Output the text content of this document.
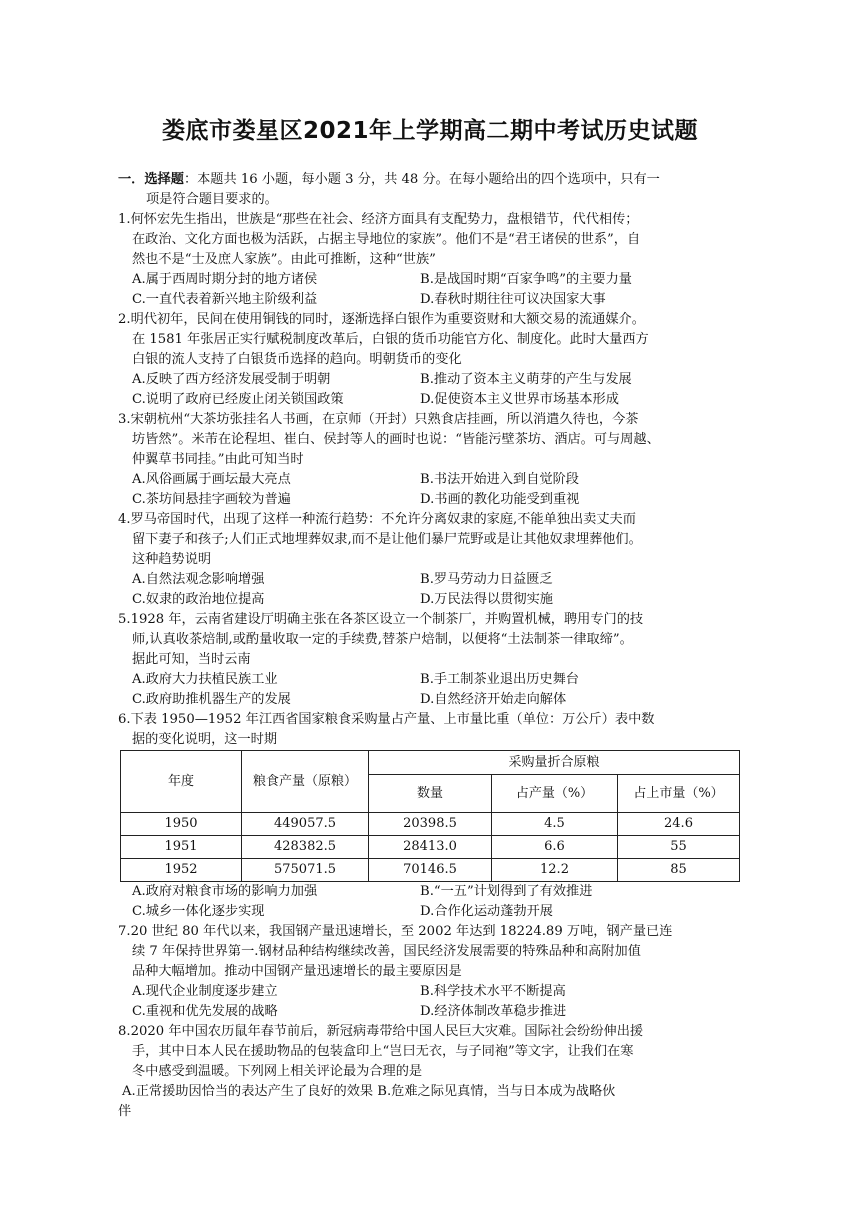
娄底市娄星区2021年上学期高二期中考试历史试题

一．选择题：本题共 16 小题，每小题 3 分，共 48 分。在每小题给出的四个选项中，只有一

项是符合题目要求的。

1.何怀宏先生指出，世族是“那些在社会、经济方面具有支配势力，盘根错节，代代相传；

在政治、文化方面也极为活跃，占据主导地位的家族”。他们不是“君王诸侯的世系”，自

然也不是“士及庶人家族”。由此可推断，这种“世族”

A.属于西周时期分封的地方诸侯	B.是战国时期“百家争鸣”的主要力量
C.一直代表着新兴地主阶级利益	D.春秋时期往往可议决国家大事

2.明代初年，民间在使用铜钱的同时，逐渐选择白银作为重要资财和大额交易的流通媒介。

在 1581 年张居正实行赋税制度改革后，白银的货币功能官方化、制度化。此时大量西方

白银的流人支持了白银货币选择的趋向。明朝货币的变化

A.反映了西方经济发展受制于明朝	B.推动了资本主义萌芽的产生与发展
C.说明了政府已经废止闭关锁国政策	D.促使资本主义世界市场基本形成

3.宋朝杭州“大茶坊张挂名人书画，在京师（开封）只熟食店挂画，所以消遣久待也，今茶

坊皆然”。米芾在论程坦、崔白、侯封等人的画时也说：“皆能污壁茶坊、酒店。可与周越、

仲翼草书同挂。”由此可知当时

A.风俗画属于画坛最大亮点	B.书法开始进入到自觉阶段
C.茶坊间悬挂字画较为普遍	D.书画的教化功能受到重视

4.罗马帝国时代，出现了这样一种流行趋势：不允许分离奴隶的家庭,不能单独出卖丈夫而

留下妻子和孩子;人们正式地埋葬奴隶,而不是让他们暴尸荒野或是让其他奴隶埋葬他们。

这种趋势说明

A.自然法观念影响增强	B.罗马劳动力日益匮乏
C.奴隶的政治地位提高	D.万民法得以贯彻实施

5.1928 年，云南省建设厅明确主张在各茶区设立一个制茶厂，并购置机械，聘用专门的技

师,认真收茶焙制,或酌量收取一定的手续费,替茶户焙制，以便将“土法制茶一律取缔”。

据此可知，当时云南

A.政府大力扶植民族工业	B.手工制茶业退出历史舞台
C.政府助推机器生产的发展	D.自然经济开始走向解体

6.下表 1950—1952 年江西省国家粮食采购量占产量、上市量比重（单位：万公斤）表中数

据的变化说明，这一时期

年度	粮食产量（原粮）	采购量折合原粮		
		数量	占产量（%）	占上市量（%）
1950	449057.5	20398.5	4.5	24.6
1951	428382.5	28413.0	6.6	55
1952	575071.5	70146.5	12.2	85
A.政府对粮食市场的影响力加强	B.“一五”计划得到了有效推进
C.城乡一体化逐步实现	D.合作化运动蓬勃开展

7.20 世纪 80 年代以来，我国钢产量迅速增长，至 2002 年达到 18224.89 万吨，钢产量已连

续 7 年保持世界第一.钢材品种结构继续改善，国民经济发展需要的特殊品种和高附加值

品种大幅增加。推动中国钢产量迅速增长的最主要原因是

A.现代企业制度逐步建立	B.科学技术水平不断提高
C.重视和优先发展的战略	D.经济体制改革稳步推进

8.2020 年中国农历鼠年春节前后，新冠病毒带给中国人民巨大灾难。国际社会纷纷伸出援

手，其中日本人民在援助物品的包装盒印上“岂曰无衣，与子同袍”等文字，让我们在寒

冬中感受到温暖。下列网上相关评论最为合理的是

A.正常援助因恰当的表达产生了良好的效果 B.危难之际见真情，当与日本成为战略伙

伴
